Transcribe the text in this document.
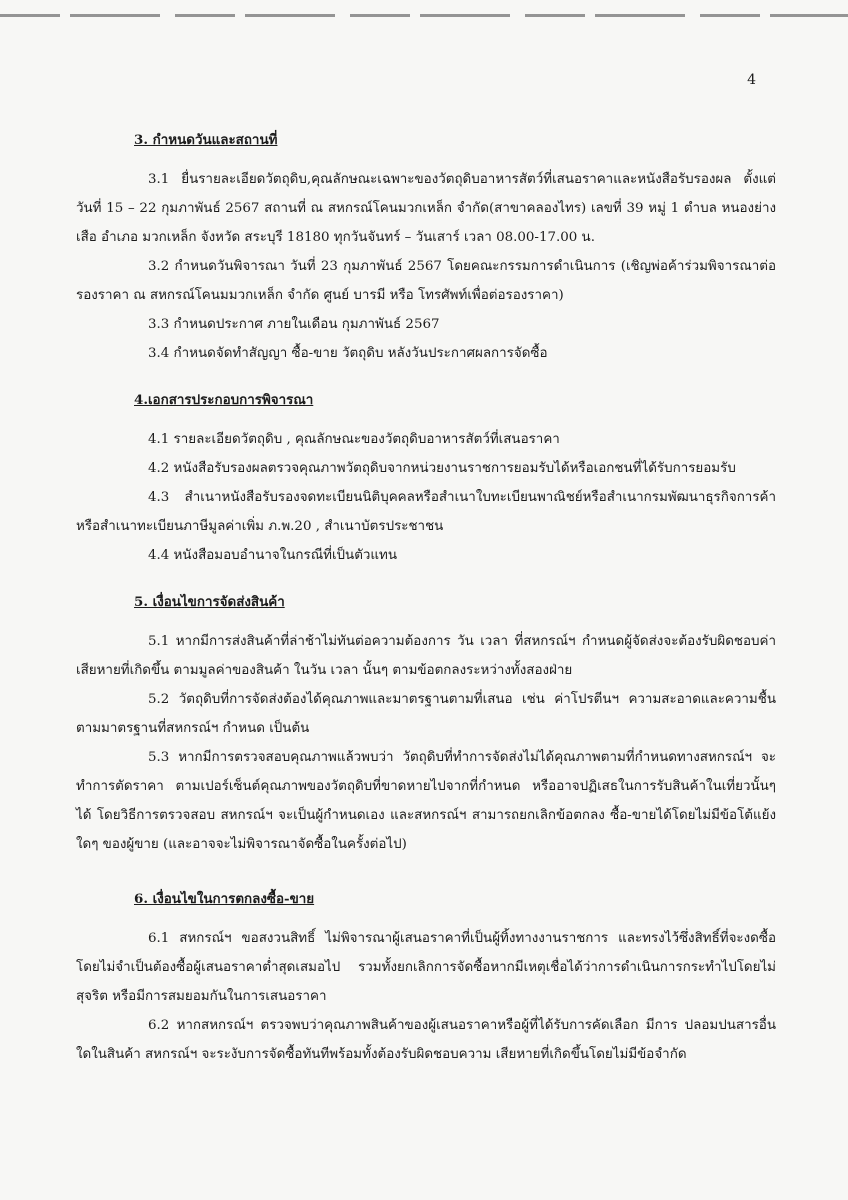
4
3. กำหนดวันและสถานที่

3.1 ยื่นรายละเอียดวัตถุดิบ,คุณลักษณะเฉพาะของวัตถุดิบอาหารสัตว์ที่เสนอราคาและหนังสือรับรองผล ตั้งแต่วันที่ 15 – 22 กุมภาพันธ์ 2567 สถานที่ ณ สหกรณ์โคนมวกเหล็ก จำกัด(สาขาคลองไทร) เลขที่ 39 หมู่ 1 ตำบล หนองย่างเสือ อำเภอ มวกเหล็ก จังหวัด สระบุรี 18180 ทุกวันจันทร์ – วันเสาร์ เวลา 08.00-17.00 น.

3.2 กำหนดวันพิจารณา วันที่ 23 กุมภาพันธ์ 2567 โดยคณะกรรมการดำเนินการ (เชิญพ่อค้าร่วมพิจารณาต่อรองราคา ณ สหกรณ์โคนมมวกเหล็ก จำกัด ศูนย์ บารมี หรือ โทรศัพท์เพื่อต่อรองราคา)

3.3 กำหนดประกาศ ภายในเดือน กุมภาพันธ์ 2567

3.4 กำหนดจัดทำสัญญา ซื้อ-ขาย วัตถุดิบ หลังวันประกาศผลการจัดซื้อ

4.เอกสารประกอบการพิจารณา

4.1 รายละเอียดวัตถุดิบ , คุณลักษณะของวัตถุดิบอาหารสัตว์ที่เสนอราคา

4.2 หนังสือรับรองผลตรวจคุณภาพวัตถุดิบจากหน่วยงานราชการยอมรับได้หรือเอกชนที่ได้รับการยอมรับ

4.3 สำเนาหนังสือรับรองจดทะเบียนนิติบุคคลหรือสำเนาใบทะเบียนพาณิชย์หรือสำเนากรมพัฒนาธุรกิจการค้าหรือสำเนาทะเบียนภาษีมูลค่าเพิ่ม ภ.พ.20 , สำเนาบัตรประชาชน

4.4 หนังสือมอบอำนาจในกรณีที่เป็นตัวแทน

5. เงื่อนไขการจัดส่งสินค้า

5.1 หากมีการส่งสินค้าที่ล่าช้าไม่ทันต่อความต้องการ วัน เวลา ที่สหกรณ์ฯ กำหนดผู้จัดส่งจะต้องรับผิดชอบค่าเสียหายที่เกิดขึ้น ตามมูลค่าของสินค้า ในวัน เวลา นั้นๆ ตามข้อตกลงระหว่างทั้งสองฝ่าย

5.2 วัตถุดิบที่การจัดส่งต้องได้คุณภาพและมาตรฐานตามที่เสนอ เช่น ค่าโปรตีนฯ ความสะอาดและความชื้นตามมาตรฐานที่สหกรณ์ฯ กำหนด เป็นต้น

5.3 หากมีการตรวจสอบคุณภาพแล้วพบว่า วัตถุดิบที่ทำการจัดส่งไม่ได้คุณภาพตามที่กำหนดทางสหกรณ์ฯ จะทำการตัดราคา ตามเปอร์เซ็นต์คุณภาพของวัตถุดิบที่ขาดหายไปจากที่กำหนด หรืออาจปฏิเสธในการรับสินค้าในเที่ยวนั้นๆ ได้ โดยวิธีการตรวจสอบ สหกรณ์ฯ จะเป็นผู้กำหนดเอง และสหกรณ์ฯ สามารถยกเลิกข้อตกลง ซื้อ-ขายได้โดยไม่มีข้อโต้แย้งใดๆ ของผู้ขาย (และอาจจะไม่พิจารณาจัดซื้อในครั้งต่อไป)

6. เงื่อนไขในการตกลงซื้อ-ขาย

6.1 สหกรณ์ฯ ขอสงวนสิทธิ์ ไม่พิจารณาผู้เสนอราคาที่เป็นผู้ทิ้งทางงานราชการ และทรงไว้ซึ่งสิทธิ์ที่จะงดซื้อโดยไม่จำเป็นต้องซื้อผู้เสนอราคาต่ำสุดเสมอไป รวมทั้งยกเลิกการจัดซื้อหากมีเหตุเชื่อได้ว่าการดำเนินการกระทำไปโดยไม่สุจริต หรือมีการสมยอมกันในการเสนอราคา

6.2 หากสหกรณ์ฯ ตรวจพบว่าคุณภาพสินค้าของผู้เสนอราคาหรือผู้ที่ได้รับการคัดเลือก มีการ ปลอมปนสารอื่นใดในสินค้า สหกรณ์ฯ จะระงับการจัดซื้อทันทีพร้อมทั้งต้องรับผิดชอบความ เสียหายที่เกิดขึ้นโดยไม่มีข้อจำกัด
